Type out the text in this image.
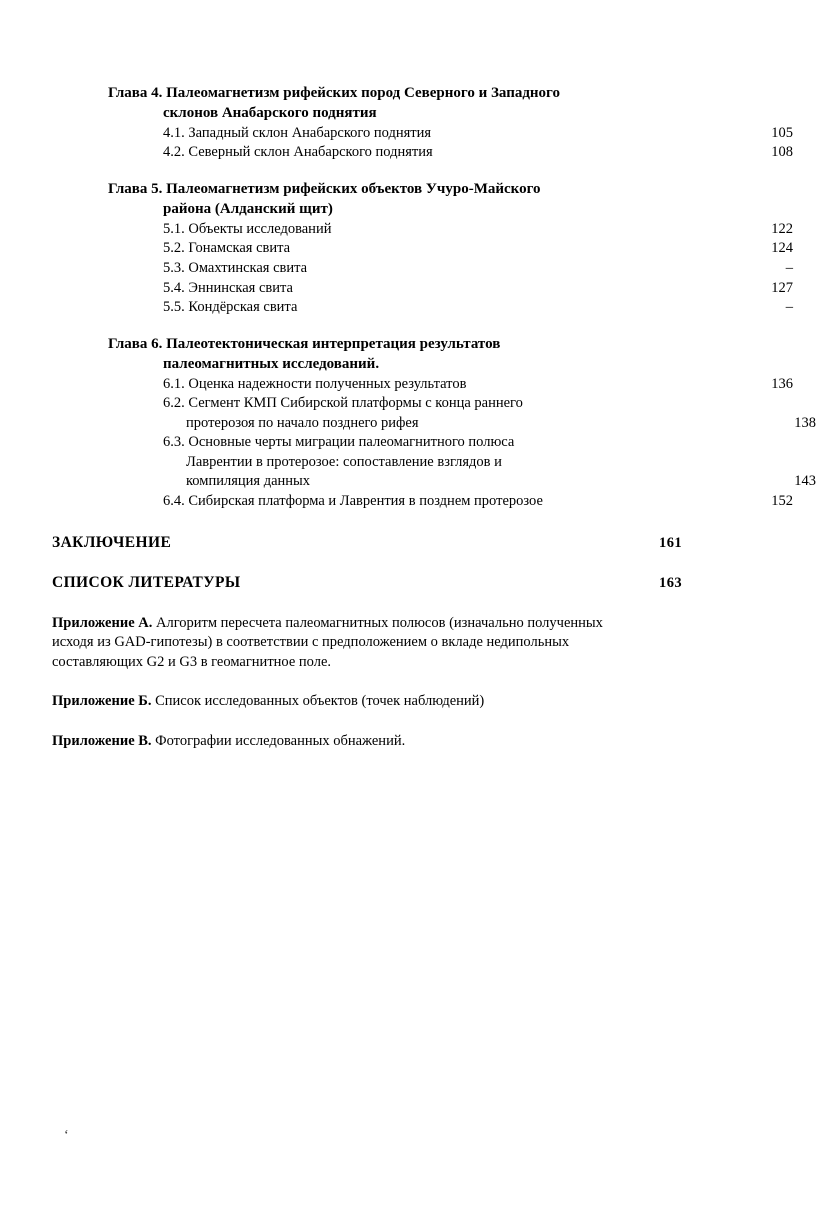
Глава 4. Палеомагнетизм рифейских пород Северного и Западного
склонов Анабарского поднятия
4.1. Западный склон Анабарского поднятия	105
4.2. Северный склон Анабарского поднятия	108
Глава 5. Палеомагнетизм рифейских объектов Учуро-Майского
района (Алданский щит)
5.1. Объекты исследований	122
5.2. Гонамская свита	124
5.3. Омахтинская свита	–
5.4. Эннинская свита	127
5.5. Кондёрская свита	–
Глава 6. Палеотектоническая интерпретация результатов
палеомагнитных исследований.
6.1. Оценка надежности полученных результатов	136
6.2. Сегмент КМП Сибирской платформы с конца раннего
протерозоя по начало позднего рифея	138
6.3. Основные черты миграции палеомагнитного полюса
Лаврентии в протерозое: сопоставление взглядов и
компиляция данных	143
6.4. Сибирская платформа и Лаврентия в позднем протерозое	152
ЗАКЛЮЧЕНИЕ	161
СПИСОК ЛИТЕРАТУРЫ	163
Приложение А. Алгоритм пересчета палеомагнитных полюсов (изначально полученных исходя из GAD-гипотезы) в соответствии с предположением о вкладе недипольных составляющих G2 и G3 в геомагнитное поле.
Приложение Б. Список исследованных объектов (точек наблюдений)
Приложение В. Фотографии исследованных обнажений.
‘
